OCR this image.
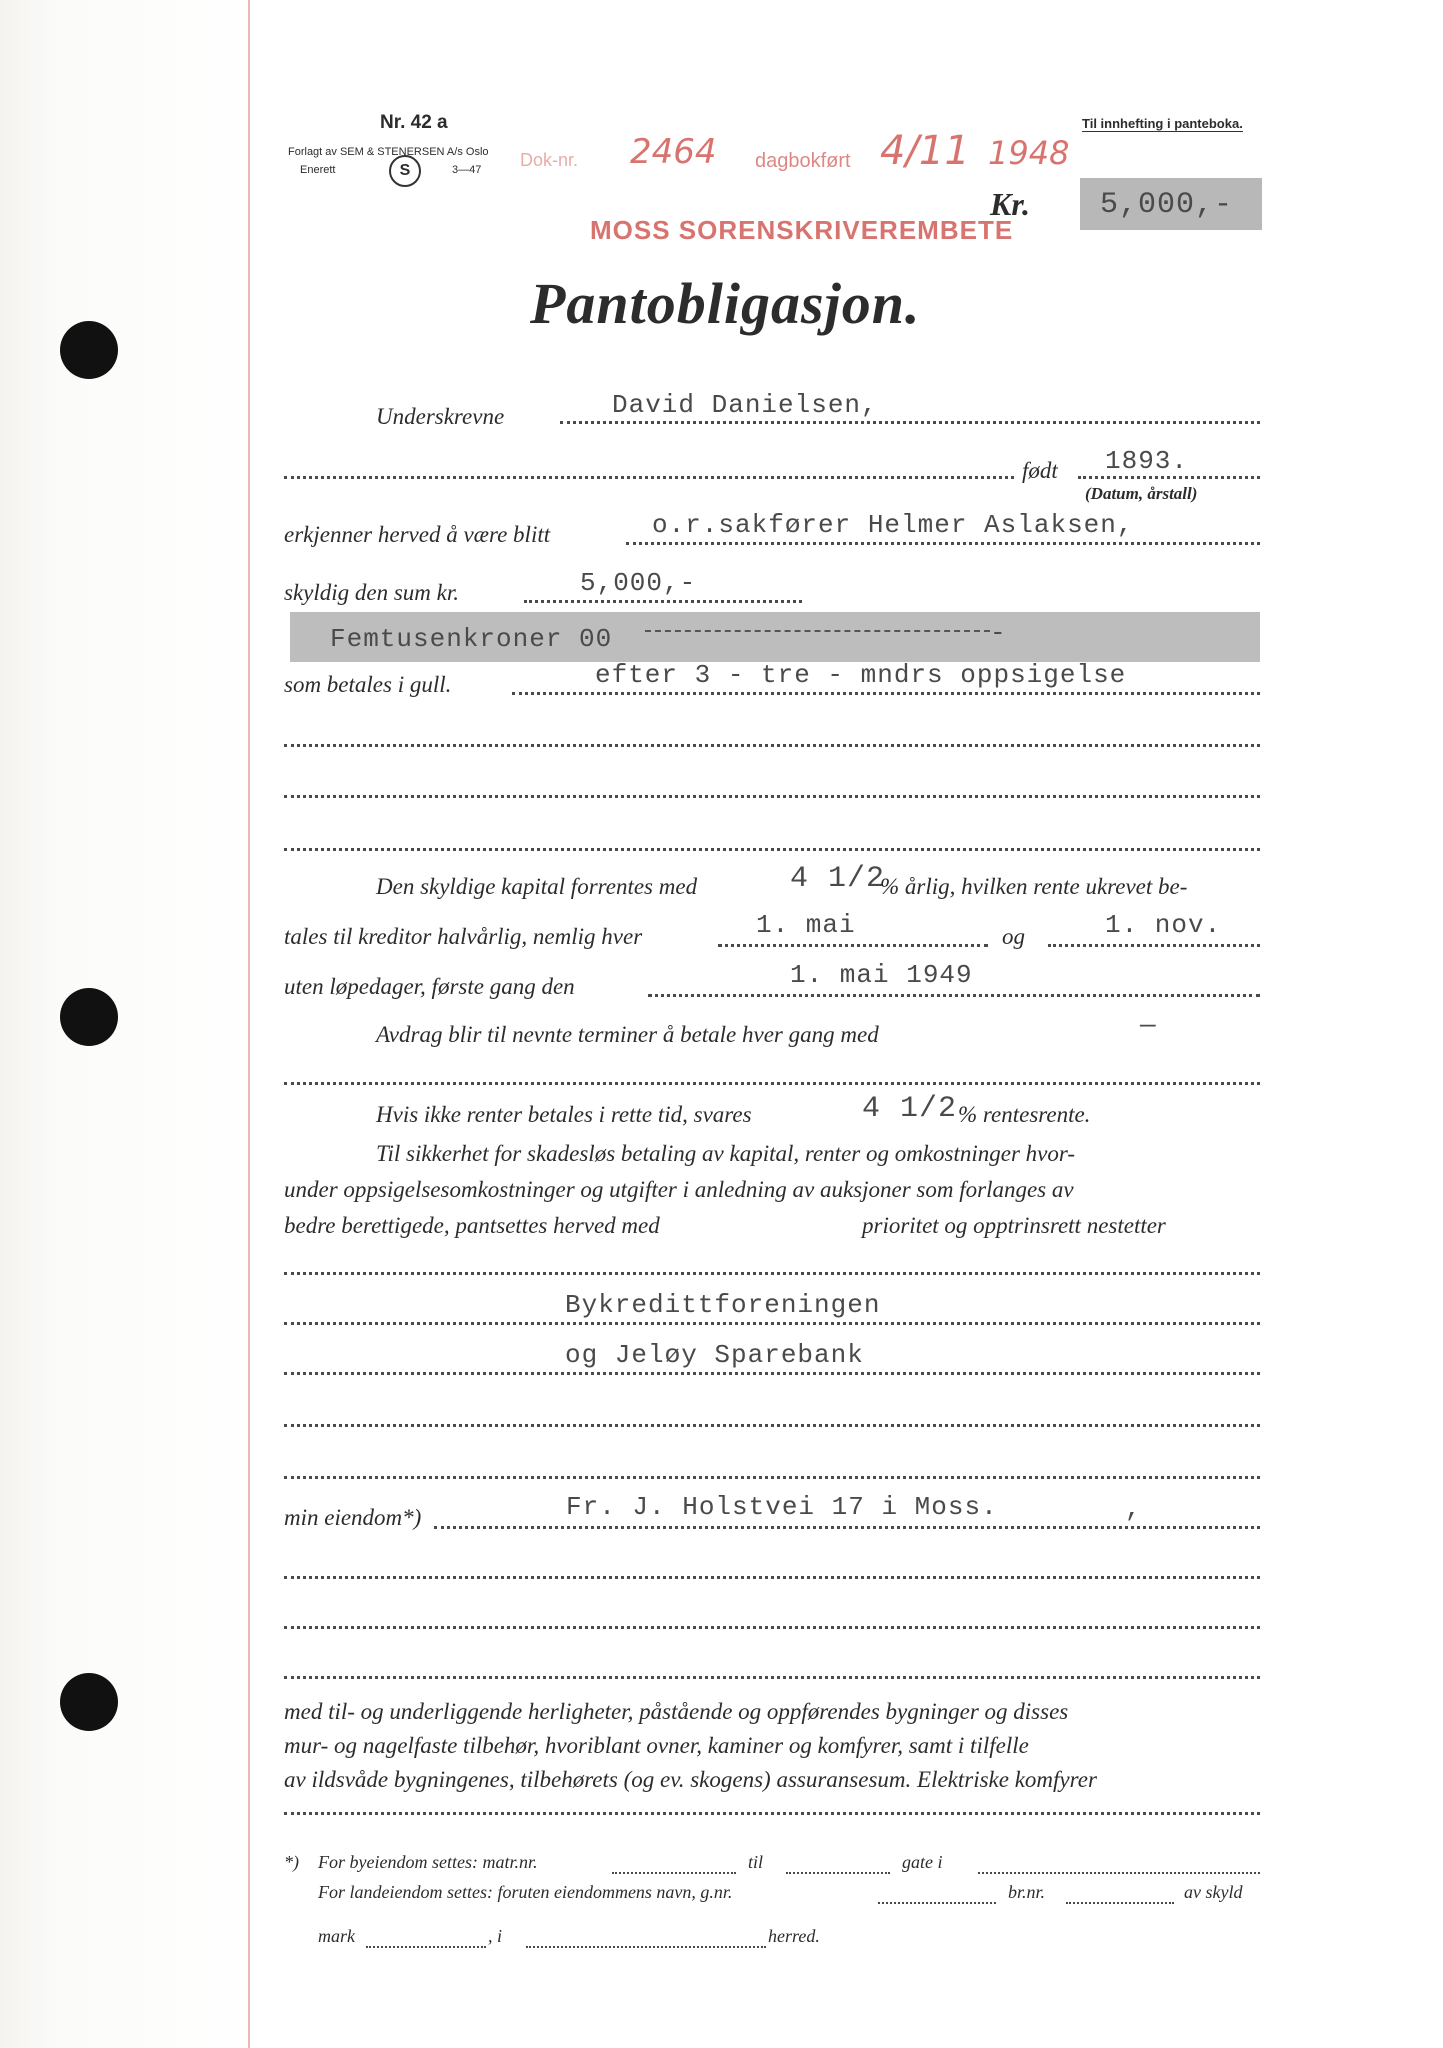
Nr. 42 a
Forlagt av SEM & STENERSEN A/s Oslo
Enerett	S	3—47
Til innhefting i panteboka.
Dok-nr. 2464 dagbokført 4/11 1948
MOSS SORENSKRIVEREMBETE
Kr. 5,000,-
Pantobligasjon.
Underskrevne	David Danielsen,
født 1893.
(Datum, årstall)
erkjenner herved å være blitt	o.r.sakfører Helmer Aslaksen,
skyldig den sum kr.	5,000,-
Femtusenkroner 00	-
som betales i gull.	efter 3 - tre - mndrs oppsigelse
Den skyldige kapital forrentes med	4 1/2
% årlig, hvilken rente ukrevet be-
tales til kreditor halvårlig, nemlig hver	1. mai	og	1. nov.
uten løpedager, første gang den	1. mai 1949
Avdrag blir til nevnte terminer å betale hver gang med	—
Hvis ikke renter betales i rette tid, svares	4 1/2 % rentesrente.
Til sikkerhet for skadesløs betaling av kapital, renter og omkostninger hvor-
under oppsigelsesomkostninger og utgifter i anledning av auksjoner som forlanges av
bedre berettigede, pantsettes herved med	prioritet og opptrinsrett nestetter
Bykredittforeningen
og Jeløy Sparebank
min eiendom*)	Fr. J. Holstvei 17 i Moss.	,
med til- og underliggende herligheter, påstående og oppførendes bygninger og disses
mur- og nagelfaste tilbehør, hvoriblant ovner, kaminer og komfyrer, samt i tilfelle
av ildsvåde bygningenes, tilbehørets (og ev. skogens) assuransesum. Elektriske komfyrer
*) For byeiendom settes: matr.nr.	til	gate i
For landeiendom settes: foruten eiendommens navn, g.nr.	br.nr.	av skyld
mark	, i	herred.
